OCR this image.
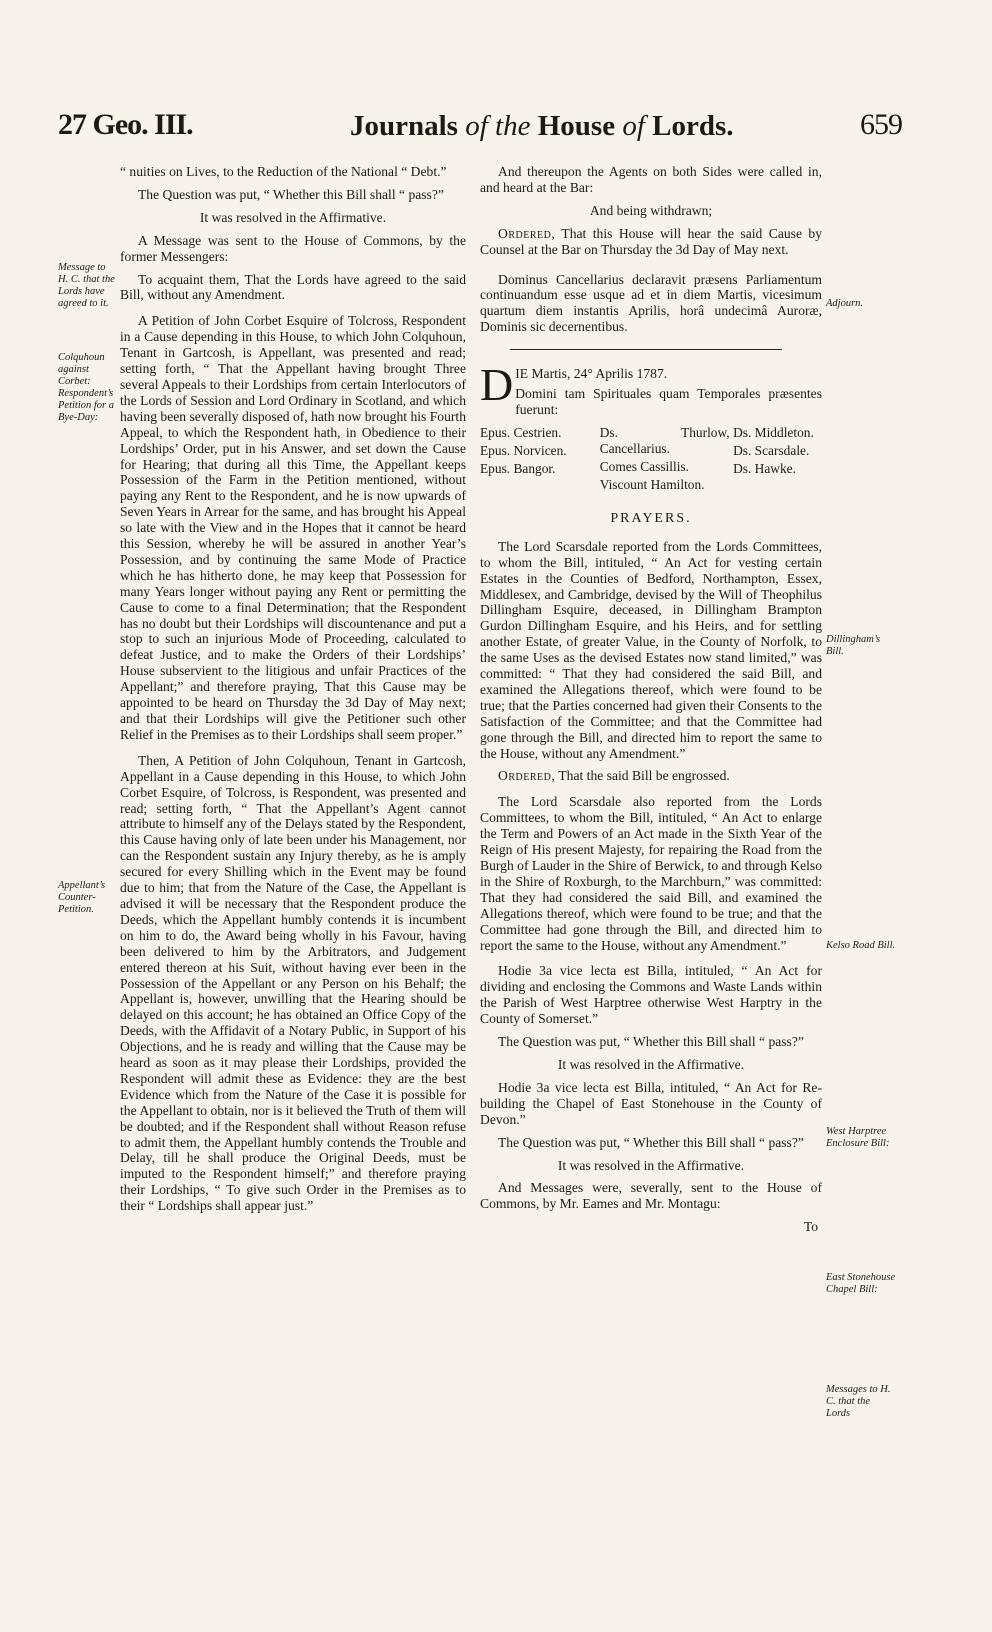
27 Geo. III.	Journals of the House of Lords.	659
Message to H. C. that the Lords have agreed to it.
Colquhoun against Corbet: Respondent’s Petition for a Bye-Day:
Appellant’s Counter-Petition.

“ nuities on Lives, to the Reduction of the National “ Debt.”

The Question was put, “ Whether this Bill shall “ pass?”

It was resolved in the Affirmative.

A Message was sent to the House of Commons, by the former Messengers:

To acquaint them, That the Lords have agreed to the said Bill, without any Amendment.

A Petition of John Corbet Esquire of Tolcross, Respondent in a Cause depending in this House, to which John Colquhoun, Tenant in Gartcosh, is Appellant, was presented and read; setting forth, “ That the Appellant having brought Three several Appeals to their Lordships from certain Interlocutors of the Lords of Session and Lord Ordinary in Scotland, and which having been severally disposed of, hath now brought his Fourth Appeal, to which the Respondent hath, in Obedience to their Lordships’ Order, put in his Answer, and set down the Cause for Hearing; that during all this Time, the Appellant keeps Possession of the Farm in the Petition mentioned, without paying any Rent to the Respondent, and he is now upwards of Seven Years in Arrear for the same, and has brought his Appeal so late with the View and in the Hopes that it cannot be heard this Session, whereby he will be assured in another Year’s Possession, and by continuing the same Mode of Practice which he has hitherto done, he may keep that Possession for many Years longer without paying any Rent or permitting the Cause to come to a final Determination; that the Respondent has no doubt but their Lordships will discountenance and put a stop to such an injurious Mode of Proceeding, calculated to defeat Justice, and to make the Orders of their Lordships’ House subservient to the litigious and unfair Practices of the Appellant;” and therefore praying, That this Cause may be appointed to be heard on Thursday the 3d Day of May next; and that their Lordships will give the Petitioner such other Relief in the Premises as to their Lordships shall seem proper.”

Then, A Petition of John Colquhoun, Tenant in Gartcosh, Appellant in a Cause depending in this House, to which John Corbet Esquire, of Tolcross, is Respondent, was presented and read; setting forth, “ That the Appellant’s Agent cannot attribute to himself any of the Delays stated by the Respondent, this Cause having only of late been under his Management, nor can the Respondent sustain any Injury thereby, as he is amply secured for every Shilling which in the Event may be found due to him; that from the Nature of the Case, the Appellant is advised it will be necessary that the Respondent produce the Deeds, which the Appellant humbly contends it is incumbent on him to do, the Award being wholly in his Favour, having been delivered to him by the Arbitrators, and Judgement entered thereon at his Suit, without having ever been in the Possession of the Appellant or any Person on his Behalf; the Appellant is, however, unwilling that the Hearing should be delayed on this account; he has obtained an Office Copy of the Deeds, with the Affidavit of a Notary Public, in Support of his Objections, and he is ready and willing that the Cause may be heard as soon as it may please their Lordships, provided the Respondent will admit these as Evidence: they are the best Evidence which from the Nature of the Case it is possible for the Appellant to obtain, nor is it believed the Truth of them will be doubted; and if the Respondent shall without Reason refuse to admit them, the Appellant humbly contends the Trouble and Delay, till he shall produce the Original Deeds, must be imputed to the Respondent himself;” and therefore praying their Lordships, “ To give such Order in the Premises as to their “ Lordships shall appear just.”

Adjourn.
Dillingham’s Bill.
Kelso Road Bill.
West Harptree Enclosure Bill:
East Stonehouse Chapel Bill:
Messages to H. C. that the Lords

And thereupon the Agents on both Sides were called in, and heard at the Bar:

And being withdrawn;

Ordered, That this House will hear the said Cause by Counsel at the Bar on Thursday the 3d Day of May next.

Dominus Cancellarius declaravit præsens Parliamentum continuandum esse usque ad et in diem Martis, vicesimum quartum diem instantis Aprilis, horâ undecimâ Auroræ, Dominis sic decernentibus.

D IE Martis, 24° Aprilis 1787.

Domini tam Spirituales quam Temporales præsentes fuerunt:

Epus. Cestrien.
Epus. Norvicen.
Epus. Bangor.
Ds. Thurlow, Cancellarius.
Comes Cassillis.
Viscount Hamilton.
Ds. Middleton.
Ds. Scarsdale.
Ds. Hawke.
PRAYERS.

The Lord Scarsdale reported from the Lords Committees, to whom the Bill, intituled, “ An Act for vesting certain Estates in the Counties of Bedford, Northampton, Essex, Middlesex, and Cambridge, devised by the Will of Theophilus Dillingham Esquire, deceased, in Dillingham Brampton Gurdon Dillingham Esquire, and his Heirs, and for settling another Estate, of greater Value, in the County of Norfolk, to the same Uses as the devised Estates now stand limited,” was committed: “ That they had considered the said Bill, and examined the Allegations thereof, which were found to be true; that the Parties concerned had given their Consents to the Satisfaction of the Committee; and that the Committee had gone through the Bill, and directed him to report the same to the House, without any Amendment.”

Ordered, That the said Bill be engrossed.

The Lord Scarsdale also reported from the Lords Committees, to whom the Bill, intituled, “ An Act to enlarge the Term and Powers of an Act made in the Sixth Year of the Reign of His present Majesty, for repairing the Road from the Burgh of Lauder in the Shire of Berwick, to and through Kelso in the Shire of Roxburgh, to the Marchburn,” was committed: That they had considered the said Bill, and examined the Allegations thereof, which were found to be true; and that the Committee had gone through the Bill, and directed him to report the same to the House, without any Amendment.”

Hodie 3a vice lecta est Billa, intituled, “ An Act for dividing and enclosing the Commons and Waste Lands within the Parish of West Harptree otherwise West Harptry in the County of Somerset.”

The Question was put, “ Whether this Bill shall “ pass?”

It was resolved in the Affirmative.

Hodie 3a vice lecta est Billa, intituled, “ An Act for Re-building the Chapel of East Stonehouse in the County of Devon.”

The Question was put, “ Whether this Bill shall “ pass?”

It was resolved in the Affirmative.

And Messages were, severally, sent to the House of Commons, by Mr. Eames and Mr. Montagu:

To
